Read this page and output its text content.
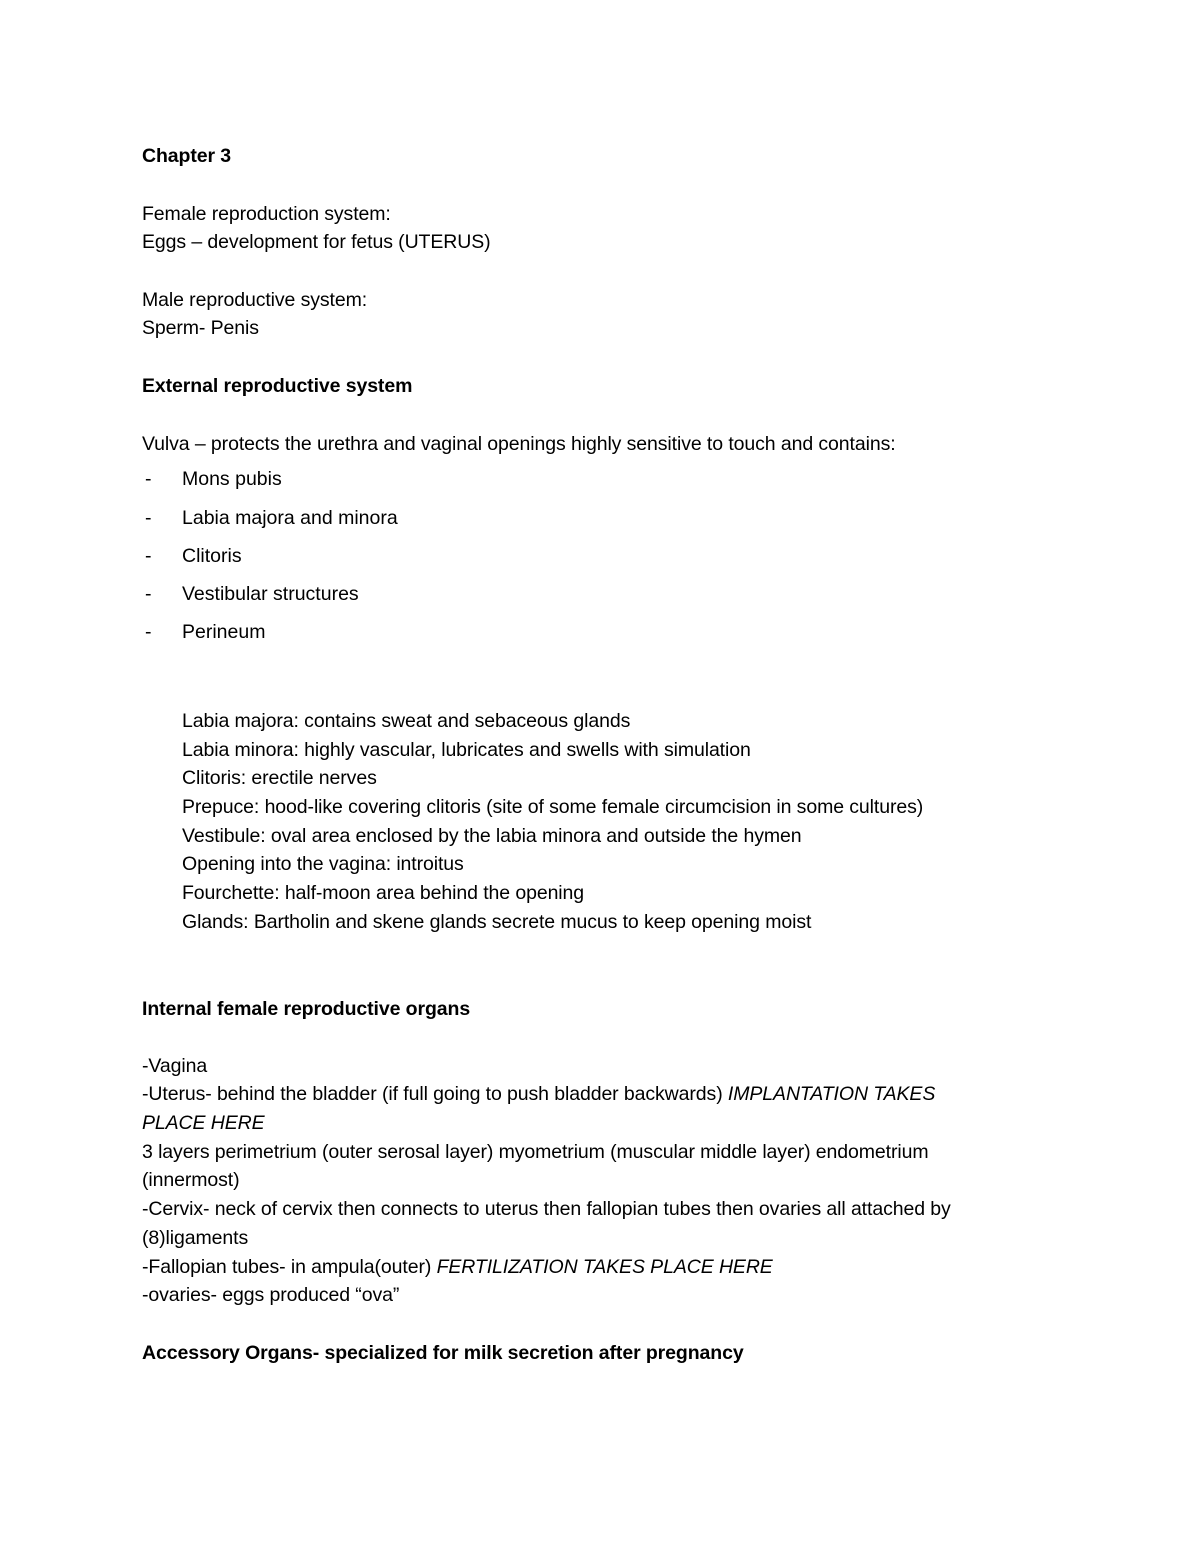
Chapter 3
Female reproduction system:
Eggs – development for fetus (UTERUS)
Male reproductive system:
Sperm- Penis
External reproductive system
Vulva – protects the urethra and vaginal openings highly sensitive to touch and contains:
- Mons pubis
- Labia majora and minora
- Clitoris
- Vestibular structures
- Perineum
Labia majora: contains sweat and sebaceous glands
Labia minora: highly vascular, lubricates and swells with simulation
Clitoris: erectile nerves
Prepuce: hood-like covering clitoris (site of some female circumcision in some cultures)
Vestibule: oval area enclosed by the labia minora and outside the hymen
Opening into the vagina: introitus
Fourchette: half-moon area behind the opening
Glands: Bartholin and skene glands secrete mucus to keep opening moist
Internal female reproductive organs
-Vagina
-Uterus- behind the bladder (if full going to push bladder backwards) IMPLANTATION TAKES
PLACE HERE
3 layers perimetrium (outer serosal layer) myometrium (muscular middle layer) endometrium
(innermost)
-Cervix- neck of cervix then connects to uterus then fallopian tubes then ovaries all attached by
(8)ligaments
-Fallopian tubes- in ampula(outer) FERTILIZATION TAKES PLACE HERE
-ovaries- eggs produced “ova”
Accessory Organs- specialized for milk secretion after pregnancy
